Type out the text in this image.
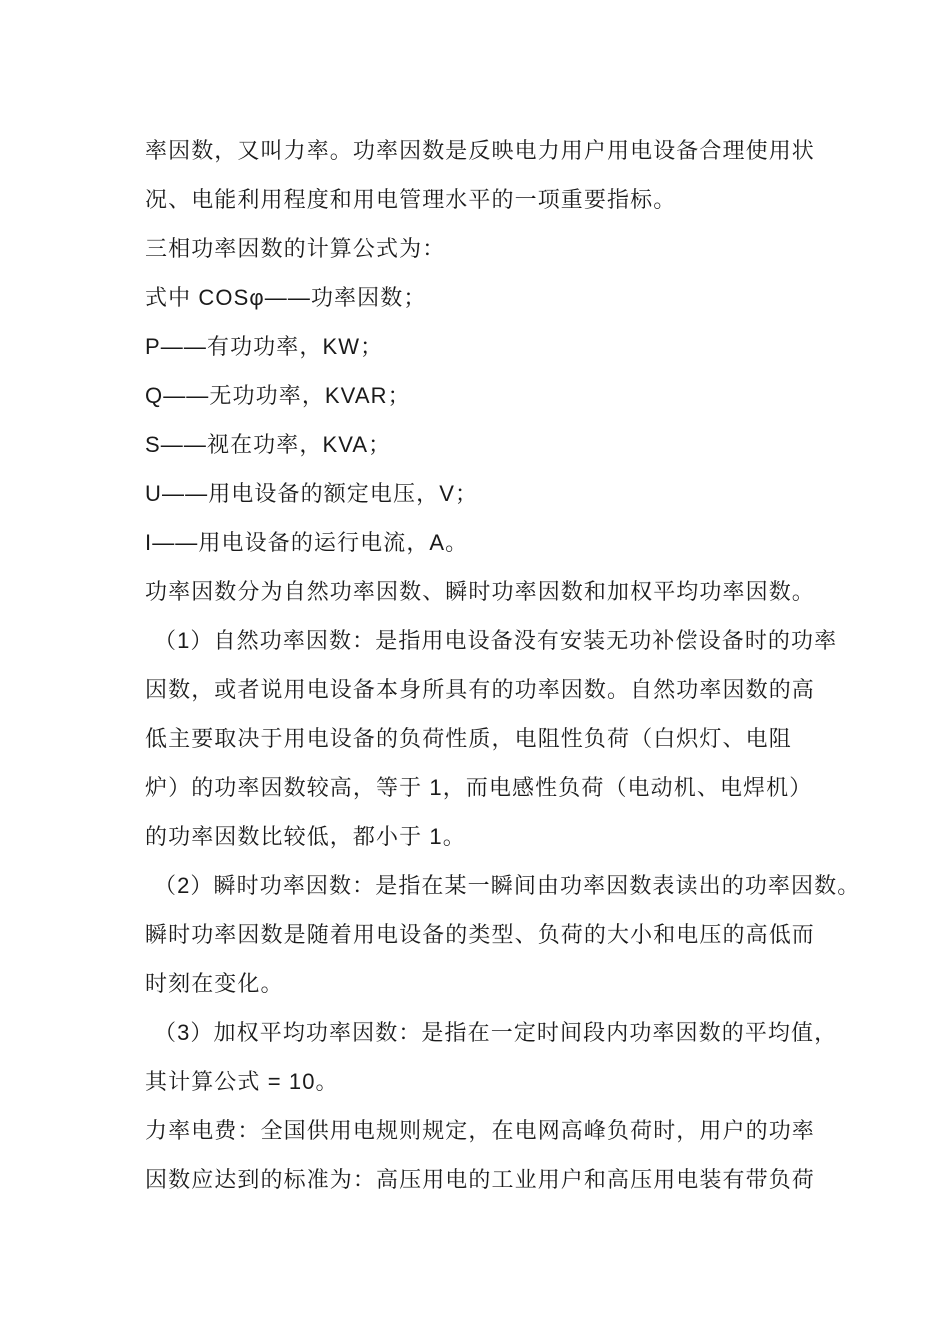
率因数，又叫力率。功率因数是反映电力用户用电设备合理使用状
况、电能利用程度和用电管理水平的一项重要指标。
三相功率因数的计算公式为：
式中 COSφ——功率因数；
P——有功功率，KW；
Q——无功功率，KVAR；
S——视在功率，KVA；
U——用电设备的额定电压，V；
I——用电设备的运行电流，A。
功率因数分为自然功率因数、瞬时功率因数和加权平均功率因数。
（1）自然功率因数：是指用电设备没有安装无功补偿设备时的功率
因数，或者说用电设备本身所具有的功率因数。自然功率因数的高
低主要取决于用电设备的负荷性质，电阻性负荷（白炽灯、电阻
炉）的功率因数较高，等于 1，而电感性负荷（电动机、电焊机）
的功率因数比较低，都小于 1。
（2）瞬时功率因数：是指在某一瞬间由功率因数表读出的功率因数。
瞬时功率因数是随着用电设备的类型、负荷的大小和电压的高低而
时刻在变化。
（3）加权平均功率因数：是指在一定时间段内功率因数的平均值，
其计算公式 = 10。
力率电费：全国供用电规则规定，在电网高峰负荷时，用户的功率
因数应达到的标准为：高压用电的工业用户和高压用电装有带负荷
